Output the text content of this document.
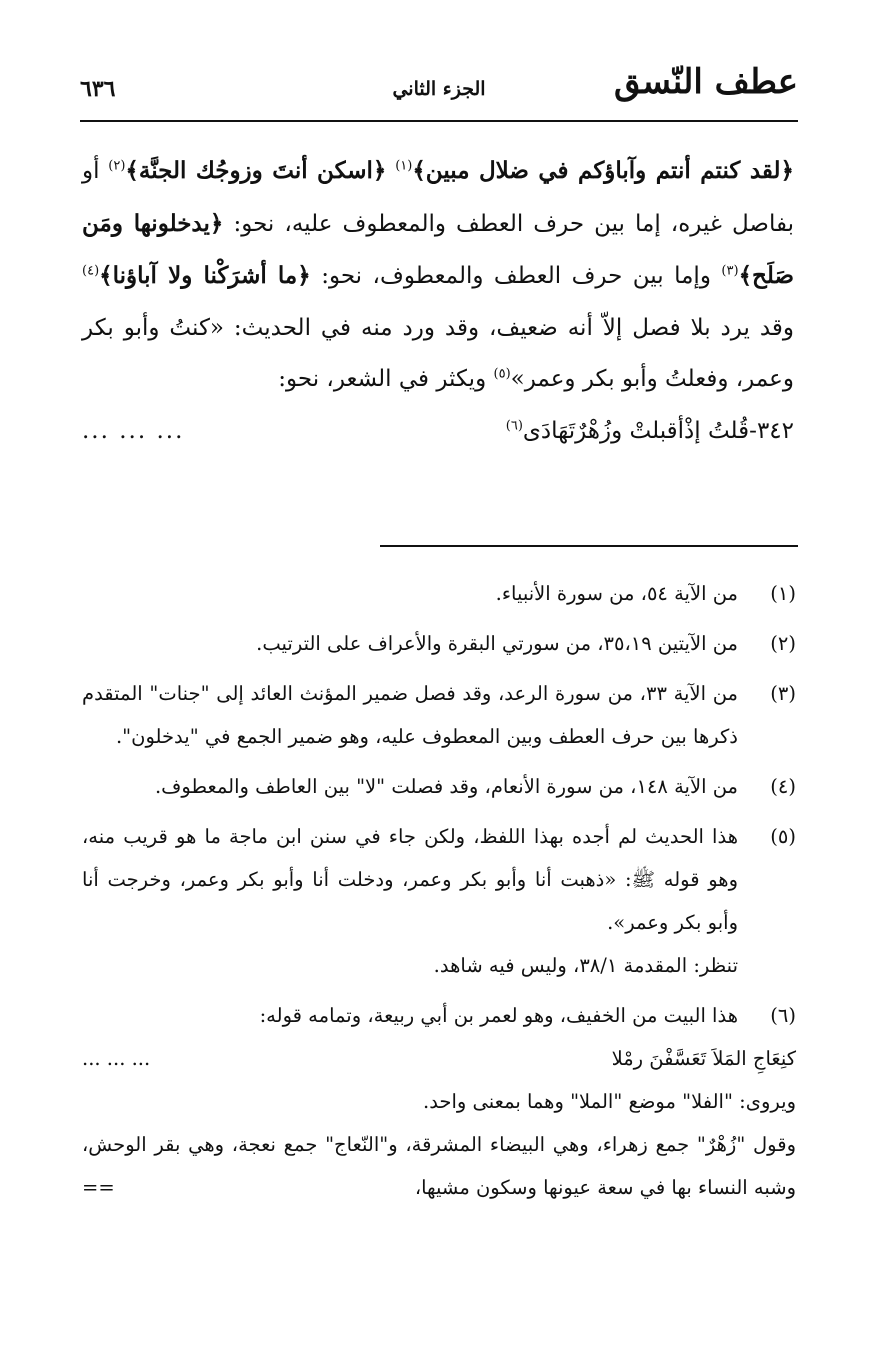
عطف النّسق
الجزء الثاني
٦٣٦

﴿لقد كنتم أنتم وآباؤكم في ضلال مبين﴾$^{(١)}$ ﴿اسكن أنتَ وزوجُك الجنَّة﴾$^{(٢)}$ أو بفاصل غيره، إما بين حرف العطف والمعطوف عليه، نحو: ﴿يدخلونها ومَن صَلَح﴾$^{(٣)}$ وإما بين حرف العطف والمعطوف، نحو: ﴿ما أشرَكْنا ولا آباؤنا﴾$^{(٤)}$ وقد يرد بلا فصل إلاّ أنه ضعيف، وقد ورد منه في الحديث: «كنتُ وأبو بكر وعمر، وفعلتُ وأبو بكر وعمر»$^{(٥)}$ ويكثر في الشعر، نحو:

٣٤٢-قُلتُ إذْأقبلتْ وزُهْرٌتَهَادَى$^{(٦)}$
... ... ...
(١)
من الآية ٥٤، من سورة الأنبياء.
(٢)
من الآيتين ٣٥،١٩، من سورتي البقرة والأعراف على الترتيب.
(٣)
من الآية ٣٣، من سورة الرعد، وقد فصل ضمير المؤنث العائد إلى "جنات" المتقدم ذكرها بين حرف العطف وبين المعطوف عليه، وهو ضمير الجمع في "يدخلون".
(٤)
من الآية ١٤٨، من سورة الأنعام، وقد فصلت "لا" بين العاطف والمعطوف.
(٥)

هذا الحديث لم أجده بهذا اللفظ، ولكن جاء في سنن ابن ماجة ما هو قريب منه، وهو قوله ﷺ: «ذهبت أنا وأبو بكر وعمر، ودخلت أنا وأبو بكر وعمر، وخرجت أنا وأبو بكر وعمر».

تنظر: المقدمة ٣٨/١، وليس فيه شاهد.

(٦)

هذا البيت من الخفيف، وهو لعمر بن أبي ربيعة، وتمامه قوله:

كنِعَاجِ المَلاَ تَعَسَّفْنَ رمْلا
... ... ...

ويروى: "الفلا" موضع "الملا" وهما بمعنى واحد.

وقول "زُهْرٌ" جمع زهراء، وهي البيضاء المشرقة، و"النّعاج" جمع نعجة، وهي بقر الوحش، وشبه النساء بها في سعة عيونها وسكون مشيها،
==
